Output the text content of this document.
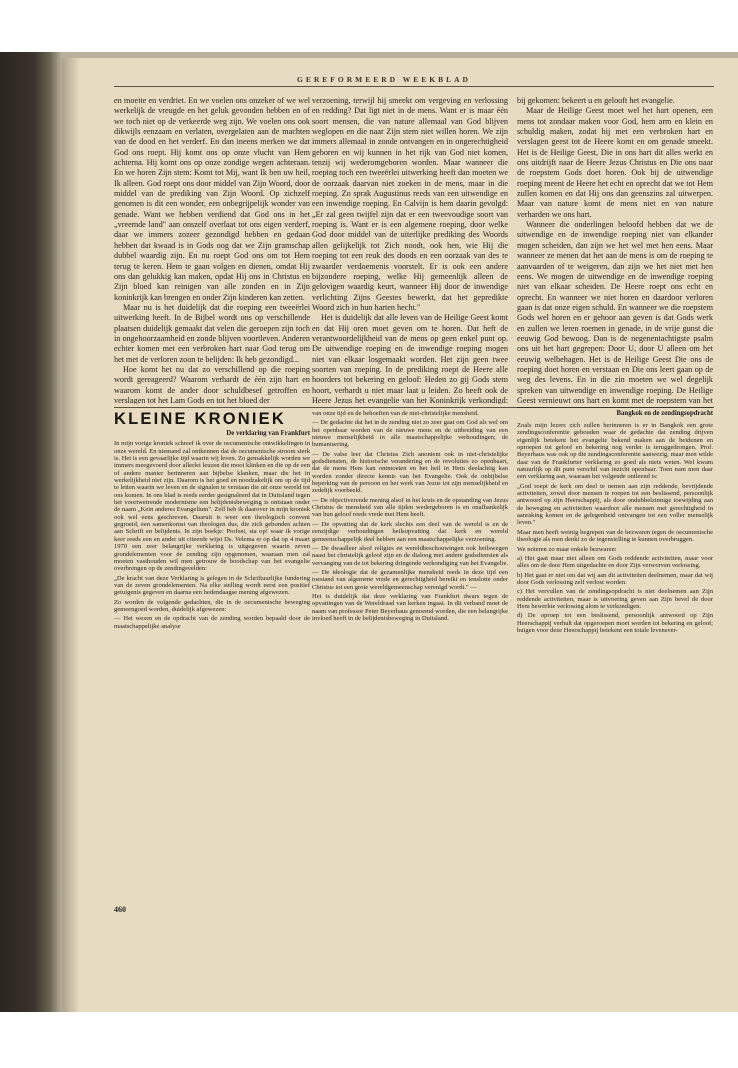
GEREFORMEERD WEEKBLAD

en moeite en verdriet. En we voelen ons onzeker of we wel werkelijk de vreugde en het geluk gevonden hebben en of we toch niet op de verkeerde weg zijn. We voelen ons ook dikwijls eenzaam en verlaten, overgelaten aan de machten van de dood en het verderf. En dan ineens merken we dat God ons roept. Hij komt ons op onze vlucht van Hem achterna. Hij komt ons op onze zondige wegen achteraan. En we horen Zijn stem: Komt tot Mij, want Ik ben uw heil, Ik alleen. God roept ons door middel van Zijn Woord, door middel van de prediking van Zijn Woord. Op zichzelf genomen is dit een wonder, een onbegrijpelijk wonder van genade. Want we hebben verdiend dat God ons in het „vreemde land" aan onszelf overlaat tot ons eigen verderf, daar we immers zozeer gezondigd hebben en gedaan hebben dat kwaad is in Gods oog dat we Zijn gramschap dubbel waardig zijn. En nu roept God ons om tot Hem terug te keren. Hem te gaan volgen en dienen, omdat Hij ons dan gelukkig kan maken, opdat Hij ons in Christus en Zijn bloed kan reinigen van alle zonden en in Zijn koninkrijk kan brengen en onder Zijn kinderen kan zetten.

Maar nu is het duidelijk dat die roeping een tweeërlei uitwerking heeft. In de Bijbel wordt ons op verschillende plaatsen duidelijk gemaakt dat velen die geroepen zijn toch in ongehoorzaamheid en zonde blijven voortleven. Anderen echter komen met een verbroken hart naar God terug om het met de verloren zoon te belijden: Ik heb gezondigd...

Hoe komt het nu dat zo verschillend op die roeping wordt gereageerd? Waarom verhardt de één zijn hart en waarom komt de ander door schuldbesef getroffen en verslagen tot het Lam Gods en tot het bloed der

verzoening, terwijl hij smeekt om vergeving en verlossing en redding? Dat ligt niet in de mens. Want er is maar één soort mensen, die van nature allemaal van God blijven weglopen en die naar Zijn stem niet willen horen. We zijn immers allemaal in zonde ontvangen en in ongerechtigheid geboren en wij kunnen in het rijk van God niet komen, tenzij wij wederomgeboren worden. Maar wanneer die roeping toch een tweeërlei uitwerking heeft dan moeten we de oorzaak daarvan niet zoeken in de mens, maar in die roeping. Zo sprak Augustinus reeds van een uitwendige en een inwendige roeping. En Calvijn is hem daarin gevolgd: „Er zal geen twijfel zijn dat er een tweevoudige soort van roeping is. Want er is een algemene roeping, door welke God door middel van de uiterlijke prediking des Woords allen gelijkelijk tot Zich noodt, ook hen, wie Hij die roeping tot een reuk des doods en een oorzaak van des te zwaarder verdoemenis voorstelt. Er is ook een andere bijzondere roeping, welke Hij gemeenlijk alleen de gelovigen waardig keurt, wanneer Hij door de inwendige verlichting Zijns Geestes bewerkt, dat het gepredikte Woord zich in hun harten hecht."

Het is duidelijk dat alle leven van de Heilige Geest komt en dat Hij oren moet geven om te horen. Dat heft de verantwoordelijkheid van de mens op geen enkel punt op. De uitwendige roeping en de inwendige roeping mogen niet van elkaar losgemaakt worden. Het zijn geen twee soorten van roeping. In de prediking roept de Heere alle hoorders tot bekering en geloof: Heden zo gij Gods stem hoort, verhardt u niet maar laat u leiden. Zo heeft ook de Heere Jezus het evangelie van het Koninkrijk verkondigd:

bij gekomen: bekeert u en gelooft het evangelie.

Maar de Heilige Geest moet wel het hart openen, een mens tot zondaar maken voor God, hem arm en klein en schuldig maken, zodat hij met een verbroken hart en verslagen geest tot de Heere komt en om genade smeekt. Het is de Heilige Geest, Die in ons hart dit alles werkt en ons uitdrijft naar de Heere Jezus Christus en Die ons naar de roepstem Gods doet horen. Ook bij de uitwendige roeping meent de Heere het echt en oprecht dat we tot Hem zullen komen en dat Hij ons dan geenszins zal uitwerpen. Maar van nature komt de mens niet en van nature verharden we ons hart.

Wanneer die onderlingen beloofd hebben dat we de uitwendige en de inwendige roeping niet van elkander mogen scheiden, dan zijn we het wel met hen eens. Maar wanneer ze menen dat het aan de mens is om de roeping te aanvaarden of te weigeren, dan zijn we het niet met hen eens. We mogen de uitwendige en de inwendige roeping niet van elkaar scheiden. De Heere roept ons echt en oprecht. En wanneer we niet horen en daardoor verloren gaan is dat onze eigen schuld. En wanneer we die roepstem Gods wel horen en er gehoor aan geven is dat Gods werk en zullen we leren roemen in genade, in de vrije gunst die eeuwig God bewoog. Dan is de negenentachtigste psalm ons uit het hart gegrepen: Door U, door U alleen om het eeuwig welbehagen. Het is de Heilige Geest Die ons de roeping doet horen en verstaan en Die ons leert gaan op de weg des levens. En in die zin moeten we wel degelijk spreken van uitwendige en inwendige roeping. De Heilige Geest vernieuwt ons hart en komt met de roepstem van het

KLEINE KRONIEK
De verklaring van Frankfurt

In mijn vorige kroniek schreef ik over de oecumenische ontwikkelingen in onze wereld. En niemand zal ontkennen dat de oecumenische stroom sterk is. Het is een gevaarlijke tijd waarin wij leven. Zo gemakkelijk worden we immers meegevoerd door allerlei leuzen die mooi klinken en die op de een of andere manier herinneren aan bijbelse klanken, maar die het in werkelijkheid niet zijn. Daarom is het goed en noodzakelijk om op de tijd te letten waarin we leven en de signalen te verstaan die uit onze wereld tot ons komen. In ons blad is reeds eerder gesignaleerd dat in Duitsland tegen het voortwetrende modernisme een belijdenisbeweging is ontstaan onder de naam „Kein anderes Evangelium". Zelf heb ik daarover in mijn kroniek ook wel eens geschreven. Daaruit is weer een theologisch convent gegroeid, een samenkomst van theologen dus, die zich gebonden achten aan Schrift en belijdenis. In zijn boekje: Profeet, sta op! waar ik vorige keer reeds een en ander uit citeerde wijst Ds. Velema er op dat op 4 maart 1970 een zeer belangrijke verklaring is uitgegeven waarin zeven grondelementen voor de zending zijn opgenomen, waaraan men zal moeten vasthouden wil men getrouw de boodschap van het evangelie overbrengen op de zendingsvelden:

„De kracht van deze Verklaring is gelegen in de Schriftuurlijke fundering van de zeven grondelementen. Na elke stelling wordt eerst een positief getuigenis gegeven en daarna een hedendaagse mening afgewezen.

Zo worden de volgende gedachten, die in de oecumenische beweging gemeengoed worden, duidelijk afgewezen:

— Het wezen en de opdracht van de zending worden bepaald door de maatschappelijke analyse

van onze tijd en de behoeften van de niet-christelijke mensheid.

— De gedachte dat het in de zending niet zo zeer gaat om God als wel om het openbaar worden van de nieuwe mens en de uitbreiding van een nieuwe menselijkheid in alle maatschappelijke verhoudingen; de humanisering.

— De valse leer dat Christus Zich anoniem ook in niet-christelijke godsdiensten, de historische verandering en de revoluties zo openbaart, dat de mens Hem kan ontmoeten en het heil in Hem deelachtig kan worden zonder directe kennis van het Evangelie. Ook de onbijbelse beperking van de persoon en het werk van Jezus tot zijn menselijkheid en zedelijk voorbeeld.

— De objectiverende mening alsof in het kruis en de opstanding van Jezus Christus de mensheid van alle tijden wedergeboren is en onafhankelijk van hun geloof reeds vrede met Hem heeft.

— De opvatting dat de kerk slechts een deel van de wereld is en de eenzijdige verhoudingen heilsopvatting dat kerk en wereld gemeenschappelijk deel hebben aan een maatschappelijke verzoening.

— De dwaalleer alsof religies en wereldbeschouwingen ook heilswegen naast het christelijk geloof zijn en de dialoog met andere godsdiensten als vervanging van de tot bekering dringende verkondiging van het Evangelie.

— De ideologie dat de gezamenlijke mensheid reeds in deze tijd een toestand van algemene vrede en gerechtigheid bereikt en tenslotte onder Christus tot een grote wereldgemeenschap verenigd wordt." —

Het is duidelijk dat deze verklaring van Frankfurt dwars tegen de opvattingen van de Wereldraad van kerken ingaat. In dit verband moet de naam van professor Peter Beyerhaus genoemd worden, die een belangrijke invloed heeft in de belijdenisbeweging in Duitsland.

Bangkok en de zendingsopdracht

Zoals mijn lezers zich zullen herinneren is er in Bangkok een grote zendingsconferentie gehouden waar de gedachte dat zending drijven eigenlijk betekent het evangelie bekend maken aan de heidenen en oproepen tot geloof en bekering nog verder is teruggedrongen. Prof. Beyerhaus was ook op die zendingsconferentie aanwezig, maar men wilde daar van de Frankfurter verklaring zo goed als niets weten. Wel kwam natuurlijk op dit punt verschil van inzicht openbaar. Toen nam men daar een verklaring aan, waaraan het volgende ontleend is:

„God roept de kerk om deel te nemen aan zijn reddende, bevrijdende activiteiten, zowel door mensen te roepen tot een beslissend, persoonlijk antwoord op zijn Heerschappij, als door ondubbelzinnige toewijding aan de beweging en activiteiten waardoor alle mensen met gerechtigheid in aanraking komen en de gelegenheid ontvangen tot een voller menselijk leven."

Maar men heeft weinig begrepen van de bezwaren tegen de oecumenische theologie als men denkt zo de tegenstelling te kunnen overbruggen.

We noteren zo maar enkele bezwaren:

a) Het gaat maar niet alleen om Gods reddende activiteiten, maar voor alles om de door Hem uitgedachte en door Zijn verworven verlossing.

b) Het gaat er niet om dat wij aan dit activiteiten deelnemen, maar dat wij door Gods verlossing zelf verlost worden.

c) Het vervullen van de zendingsopdracht is niet deelnemen aan Zijn reddende activiteiten, maar is uitvoering geven aan Zijn bevel de door Hem bewerkte verlossing alom te verkondigen.

d) De oproep tot een beslissend, persoonlijk antwoord op Zijn Heerschappij verhult dat opgeroepen moet worden tot bekering en geloof; buigen voor deze Heerschappij betekent een totale levensver-

460
